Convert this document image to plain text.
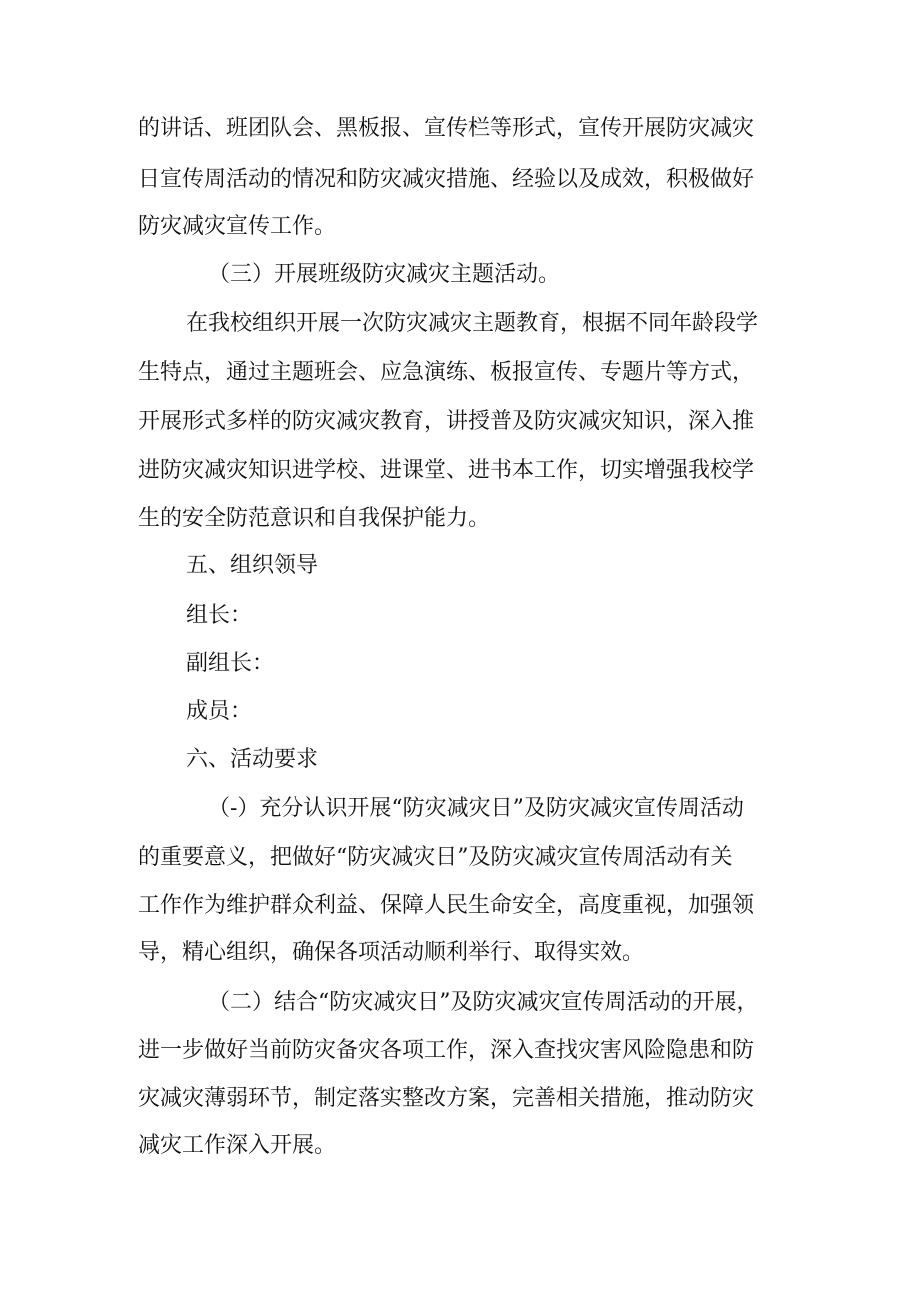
的讲话、班团队会、黑板报、宣传栏等形式，宣传开展防灾减灾
日宣传周活动的情况和防灾减灾措施、经验以及成效，积极做好
防灾减灾宣传工作。
（三）开展班级防灾减灾主题活动。
在我校组织开展一次防灾减灾主题教育，根据不同年龄段学
生特点，通过主题班会、应急演练、板报宣传、专题片等方式，
开展形式多样的防灾减灾教育，讲授普及防灾减灾知识，深入推
进防灾减灾知识进学校、进课堂、进书本工作，切实增强我校学
生的安全防范意识和自我保护能力。
五、组织领导
组长：
副组长：
成员：
六、活动要求
（-）充分认识开展“防灾减灾日”及防灾减灾宣传周活动
的重要意义，把做好“防灾减灾日”及防灾减灾宣传周活动有关
工作作为维护群众利益、保障人民生命安全，高度重视，加强领
导，精心组织，确保各项活动顺利举行、取得实效。
（二）结合“防灾减灾日”及防灾减灾宣传周活动的开展，
进一步做好当前防灾备灾各项工作，深入查找灾害风险隐患和防
灾减灾薄弱环节，制定落实整改方案，完善相关措施，推动防灾
减灾工作深入开展。
